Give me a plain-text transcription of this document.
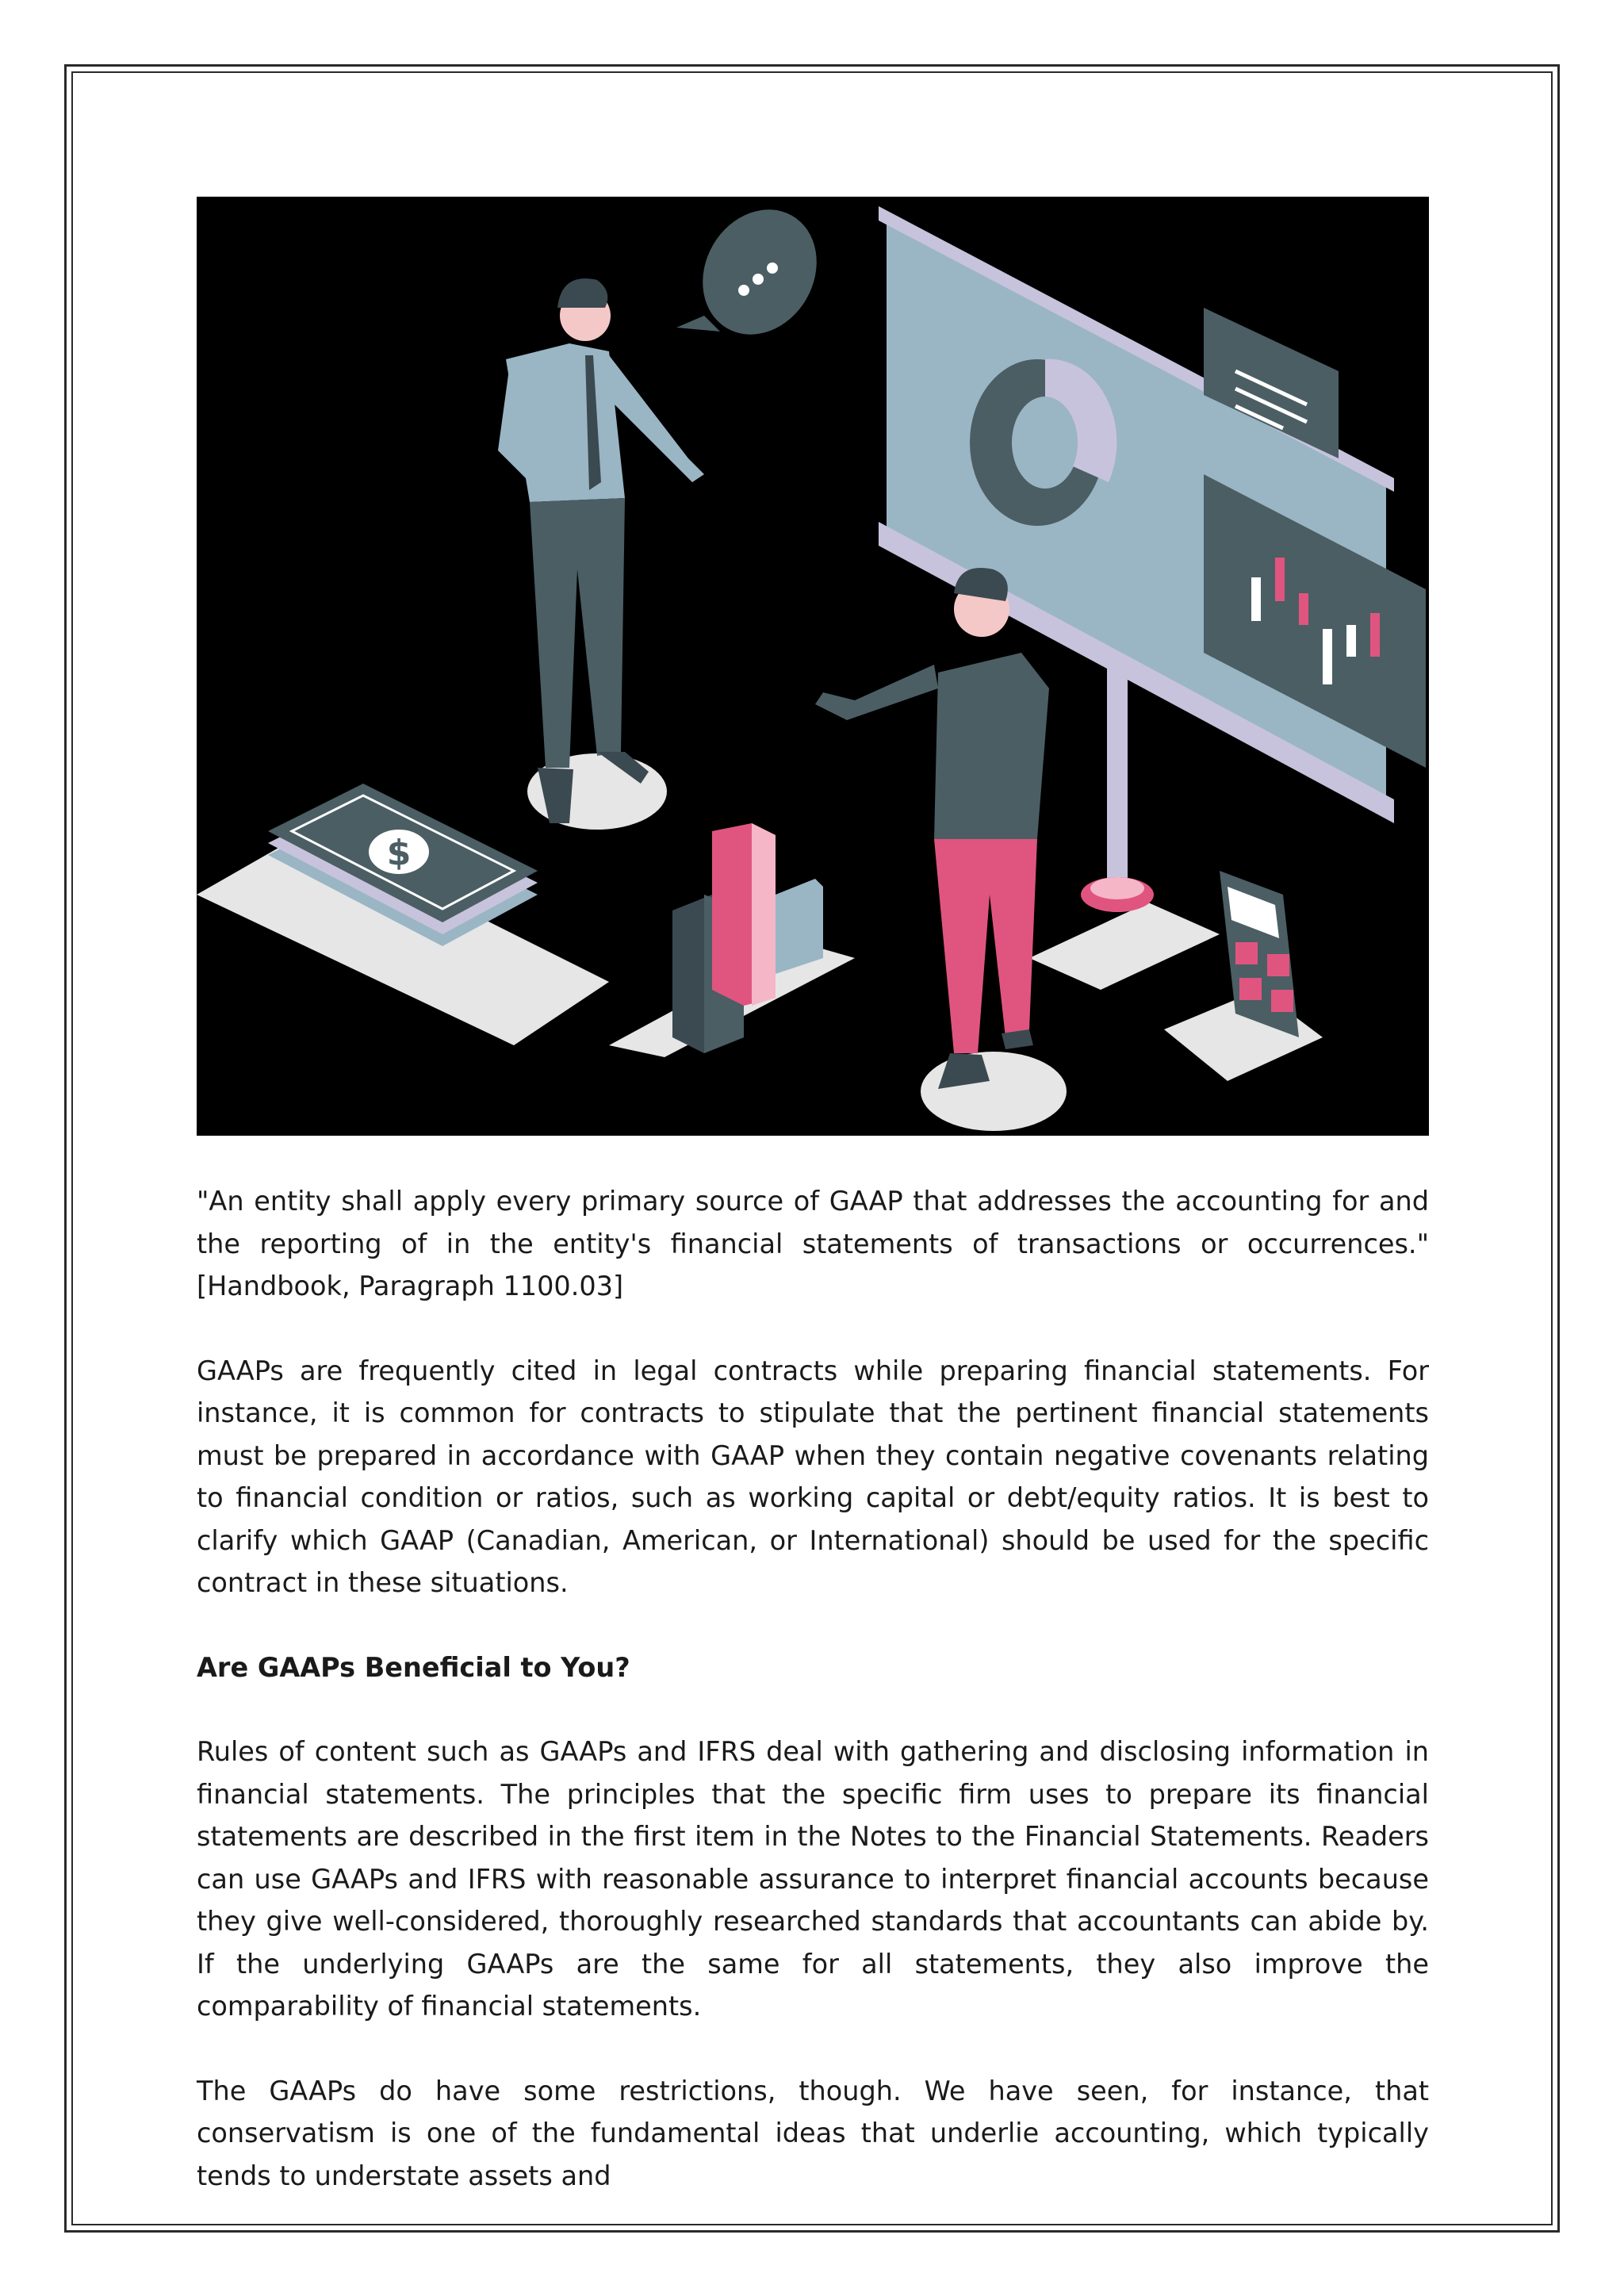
$

"An entity shall apply every primary source of GAAP that addresses the accounting for and the reporting of in the entity's financial statements of transactions or occurrences." [Handbook, Paragraph 1100.03]

GAAPs are frequently cited in legal contracts while preparing financial statements. For instance, it is common for contracts to stipulate that the pertinent financial statements must be prepared in accordance with GAAP when they contain negative covenants relating to financial condition or ratios, such as working capital or debt/equity ratios. It is best to clarify which GAAP (Canadian, American, or International) should be used for the specific contract in these situations.

Are GAAPs Beneficial to You?

Rules of content such as GAAPs and IFRS deal with gathering and disclosing information in financial statements. The principles that the specific firm uses to prepare its financial statements are described in the first item in the Notes to the Financial Statements. Readers can use GAAPs and IFRS with reasonable assurance to interpret financial accounts because they give well-considered, thoroughly researched standards that accountants can abide by. If the underlying GAAPs are the same for all statements, they also improve the comparability of financial statements.

The GAAPs do have some restrictions, though. We have seen, for instance, that conservatism is one of the fundamental ideas that underlie accounting, which typically tends to understate assets and
